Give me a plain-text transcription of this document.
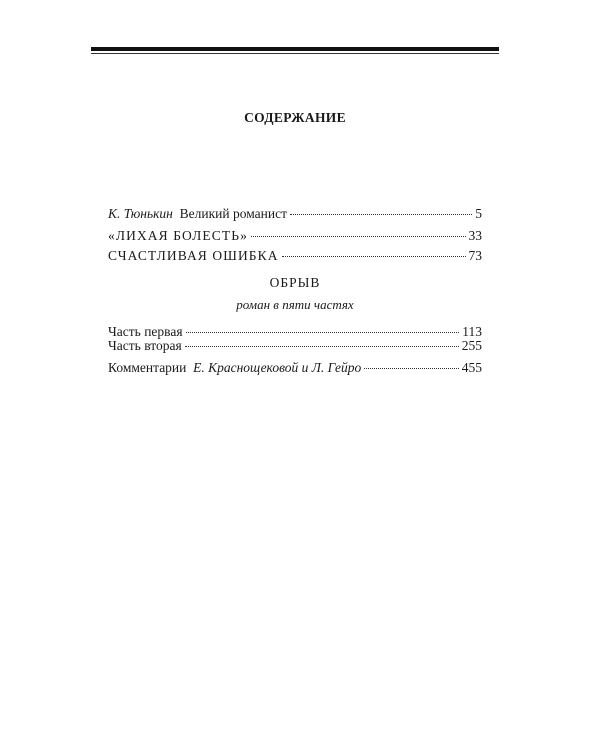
СОДЕРЖАНИЕ
К. Тюнькин Великий романист	5
«ЛИХАЯ БОЛЕСТЬ»	33
СЧАСТЛИВАЯ ОШИБКА	73
ОБРЫВ
роман в пяти частях
Часть первая	113
Часть вторая	255
Комментарии Е. Краснощековой и Л. Гейро	455
